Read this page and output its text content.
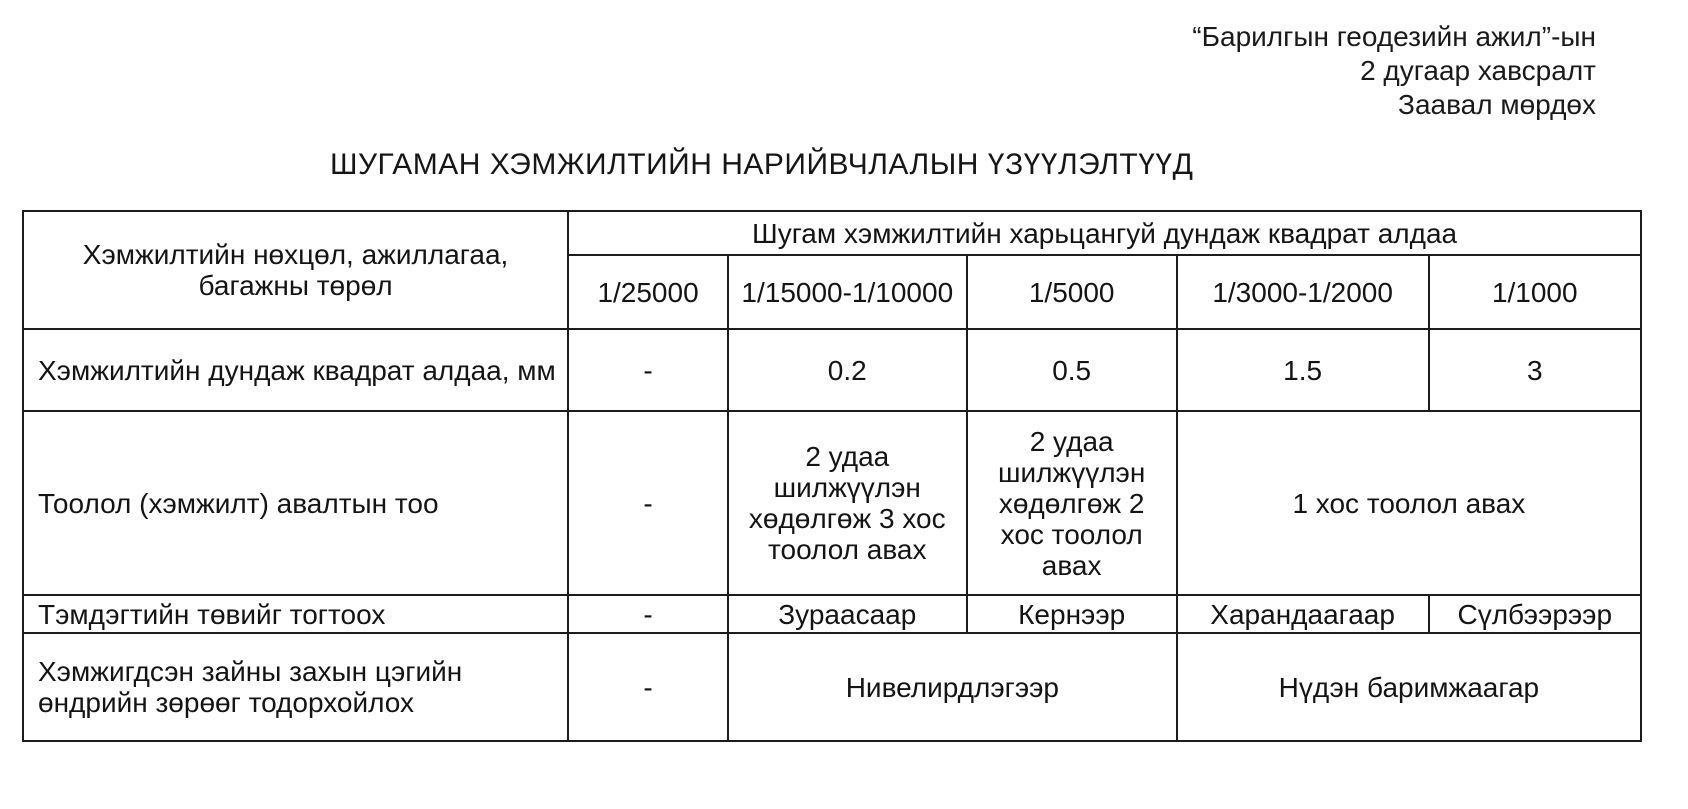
“Барилгын геодезийн ажил”-ын
2 дугаар хавсралт
Заавал мөрдөх
ШУГАМАН ХЭМЖИЛТИЙН НАРИЙВЧЛАЛЫН ҮЗҮҮЛЭЛТҮҮД
Хэмжилтийн нөхцөл, ажиллагаа, багажны төрөл	Шугам хэмжилтийн харьцангуй дундаж квадрат алдаа				
	1/25000	1/15000-1/10000	1/5000	1/3000-1/2000	1/1000
Хэмжилтийн дундаж квадрат алдаа, мм	-	0.2	0.5	1.5	3
Тоолол (хэмжилт) авалтын тоо	-	2 удаа шилжүүлэн хөдөлгөж 3 хос тоолол авах	2 удаа шилжүүлэн хөдөлгөж 2 хос тоолол авах	1 хос тоолол авах	
Тэмдэгтийн төвийг тогтоох	-	Зураасаар	Кернээр	Харандаагаар	Сүлбээрээр
Хэмжигдсэн зайны захын цэгийн өндрийн зөрөөг тодорхойлох	-	Нивелирдлэгээр		Нүдэн баримжаагар	
